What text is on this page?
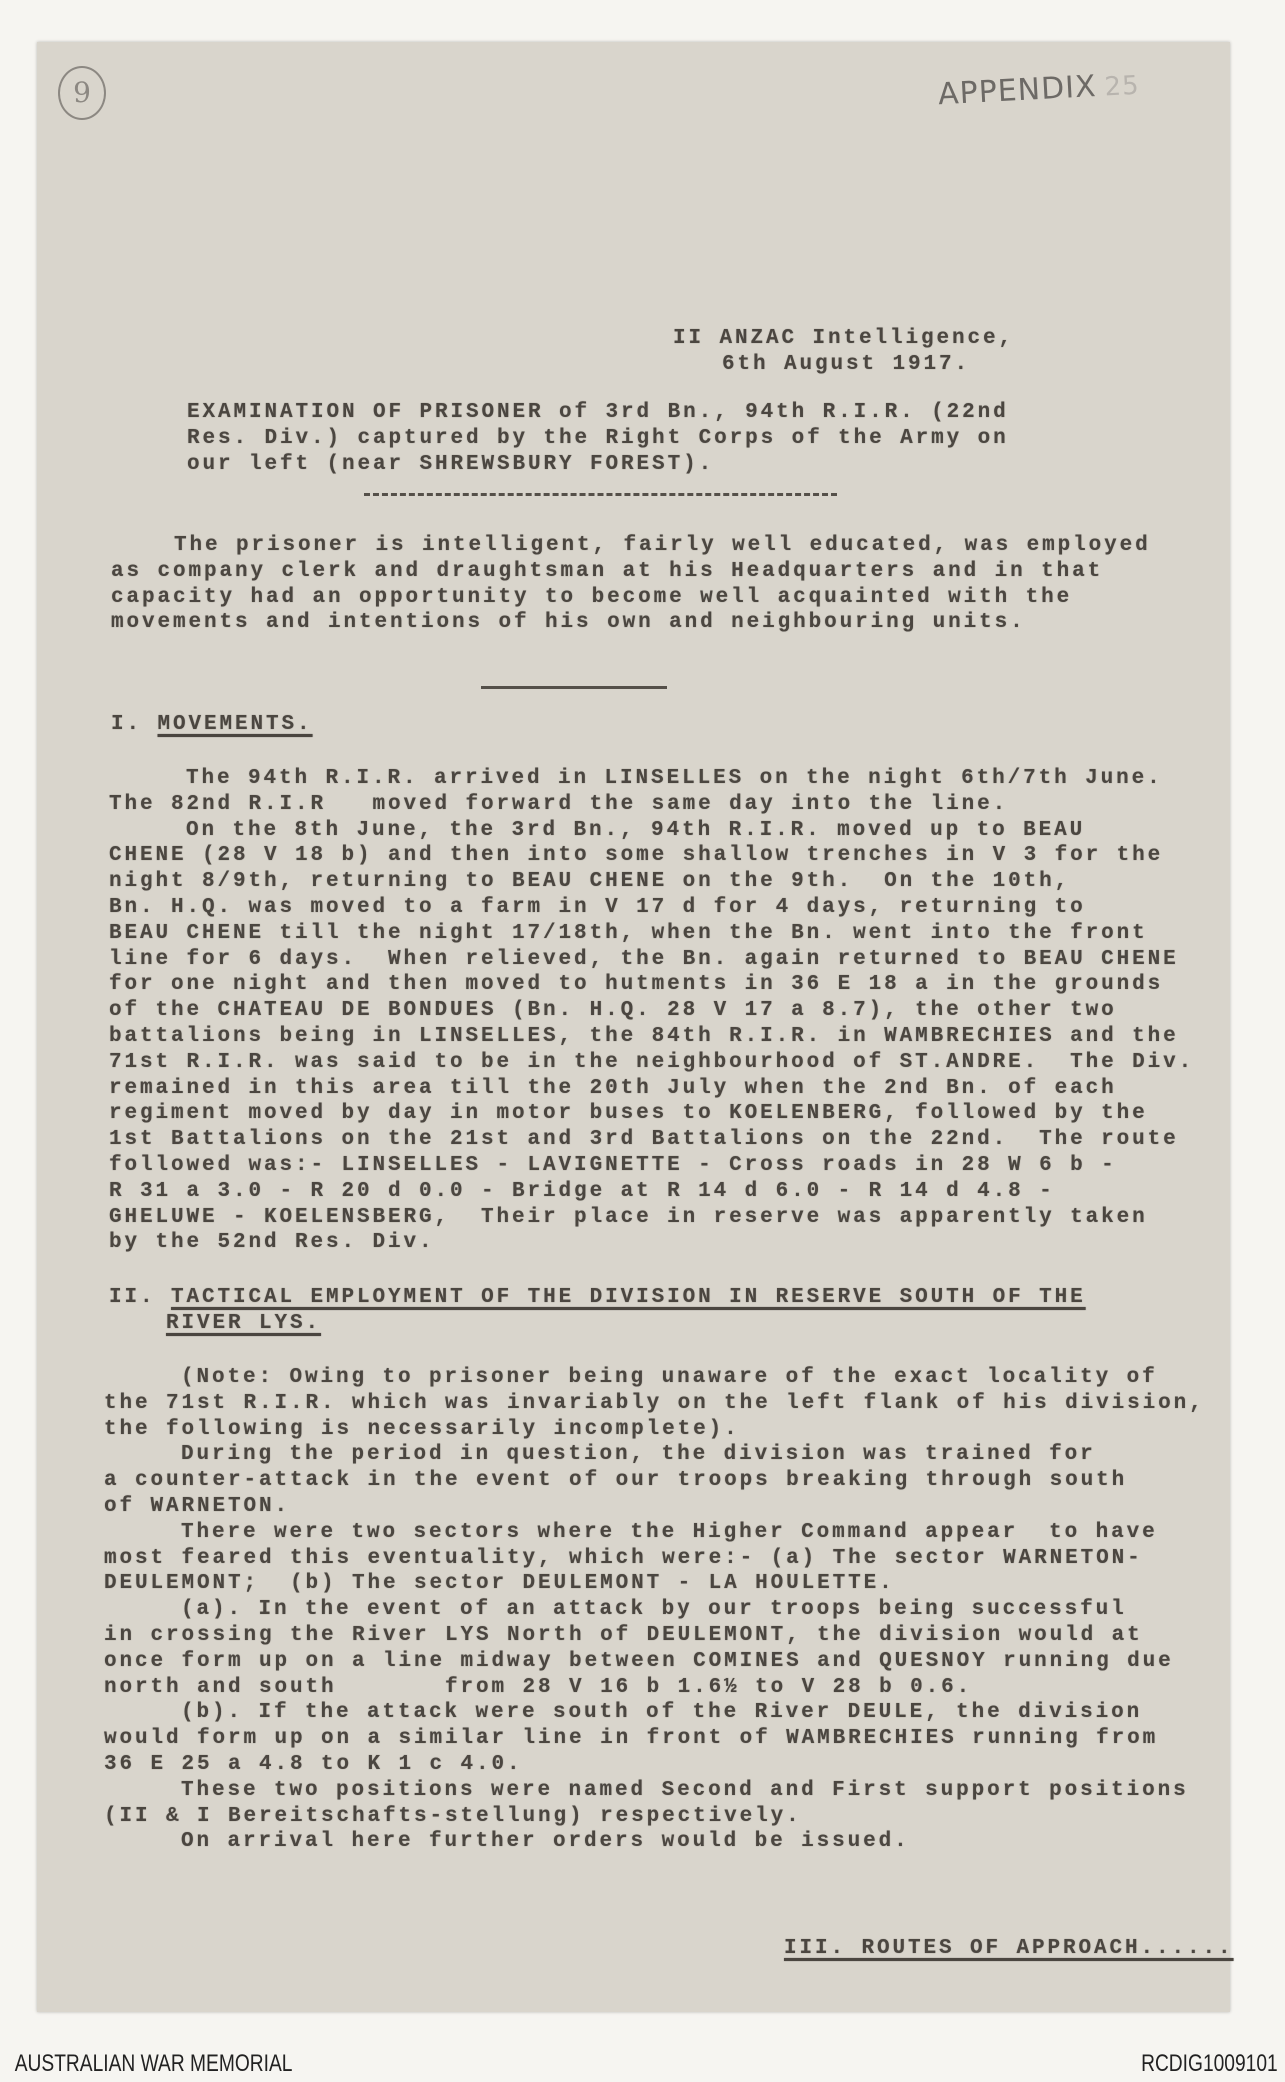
9	APPENDIX 25
II ANZAC Intelligence,
6th August 1917.
EXAMINATION OF PRISONER of 3rd Bn., 94th R.I.R. (22nd
Res. Div.) captured by the Right Corps of the Army on
our left (near SHREWSBURY FOREST).
The prisoner is intelligent, fairly well educated, was employed
as company clerk and draughtsman at his Headquarters and in that
capacity had an opportunity to become well acquainted with the
movements and intentions of his own and neighbouring units.
I. MOVEMENTS.
The 94th R.I.R. arrived in LINSELLES on the night 6th/7th June.
The 82nd R.I.R   moved forward the same day into the line.
On the 8th June, the 3rd Bn., 94th R.I.R. moved up to BEAU
CHENE (28 V 18 b) and then into some shallow trenches in V 3 for the
night 8/9th, returning to BEAU CHENE on the 9th.  On the 10th,
Bn. H.Q. was moved to a farm in V 17 d for 4 days, returning to
BEAU CHENE till the night 17/18th, when the Bn. went into the front
line for 6 days.  When relieved, the Bn. again returned to BEAU CHENE
for one night and then moved to hutments in 36 E 18 a in the grounds
of the CHATEAU DE BONDUES (Bn. H.Q. 28 V 17 a 8.7), the other two
battalions being in LINSELLES, the 84th R.I.R. in WAMBRECHIES and the
71st R.I.R. was said to be in the neighbourhood of ST.ANDRE.  The Div.
remained in this area till the 20th July when the 2nd Bn. of each
regiment moved by day in motor buses to KOELENBERG, followed by the
1st Battalions on the 21st and 3rd Battalions on the 22nd.  The route
followed was:- LINSELLES - LAVIGNETTE - Cross roads in 28 W 6 b -
R 31 a 3.0 - R 20 d 0.0 - Bridge at R 14 d 6.0 - R 14 d 4.8 -
GHELUWE - KOELENSBERG,  Their place in reserve was apparently taken
by the 52nd Res. Div.
II. TACTICAL EMPLOYMENT OF THE DIVISION IN RESERVE SOUTH OF THE
RIVER LYS.
(Note: Owing to prisoner being unaware of the exact locality of
the 71st R.I.R. which was invariably on the left flank of his division,
the following is necessarily incomplete).
During the period in question, the division was trained for
a counter-attack in the event of our troops breaking through south
of WARNETON.
There were two sectors where the Higher Command appear  to have
most feared this eventuality, which were:- (a) The sector WARNETON-
DEULEMONT;  (b) The sector DEULEMONT - LA HOULETTE.
(a). In the event of an attack by our troops being successful
in crossing the River LYS North of DEULEMONT, the division would at
once form up on a line midway between COMINES and QUESNOY running due
north and south       from 28 V 16 b 1.6½ to V 28 b 0.6.
(b). If the attack were south of the River DEULE, the division
would form up on a similar line in front of WAMBRECHIES running from
36 E 25 a 4.8 to K 1 c 4.0.
These two positions were named Second and First support positions
(II & I Bereitschafts-stellung) respectively.
On arrival here further orders would be issued.
III. ROUTES OF APPROACH......
AUSTRALIAN WAR MEMORIAL	RCDIG1009101
